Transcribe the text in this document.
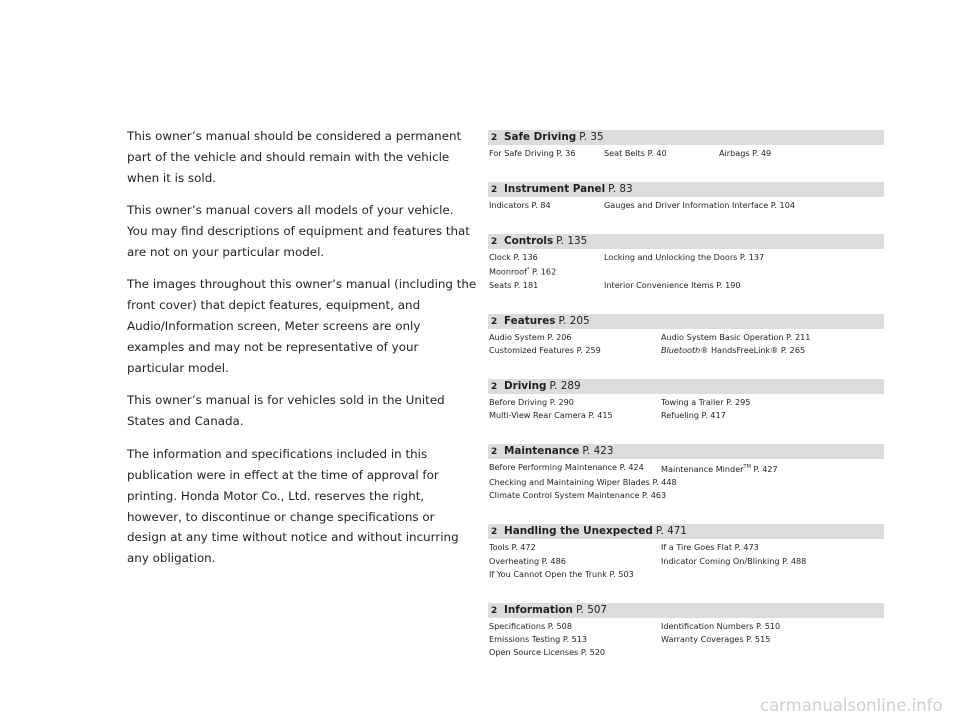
This owner’s manual should be considered a permanent part of the vehicle and should remain with the vehicle when it is sold.

This owner’s manual covers all models of your vehicle. You may find descriptions of equipment and features that are not on your particular model.

The images throughout this owner’s manual (including the front cover) that depict features, equipment, and Audio/Information screen, Meter screens are only examples and may not be representative of your particular model.

This owner’s manual is for vehicles sold in the United States and Canada.

The information and specifications included in this publication were in effect at the time of approval for printing. Honda Motor Co., Ltd. reserves the right, however, to discontinue or change specifications or design at any time without notice and without incurring any obligation.

2 Safe Driving P. 35
For Safe Driving P. 36	Seat Belts P. 40	Airbags P. 49
2 Instrument Panel P. 83
Indicators P. 84	Gauges and Driver Information Interface P. 104
2 Controls P. 135
Clock P. 136	Locking and Unlocking the Doors P. 137
Moonroof* P. 162
Seats P. 181	Interior Convenience Items P. 190
2 Features P. 205
Audio System P. 206	Audio System Basic Operation P. 211
Customized Features P. 259	Bluetooth® HandsFreeLink® P. 265
2 Driving P. 289
Before Driving P. 290	Towing a Trailer P. 295
Multi-View Rear Camera P. 415	Refueling P. 417
2 Maintenance P. 423
Before Performing Maintenance P. 424	Maintenance Minder™ P. 427
Checking and Maintaining Wiper Blades P. 448
Climate Control System Maintenance P. 463
2 Handling the Unexpected P. 471
Tools P. 472	If a Tire Goes Flat P. 473
Overheating P. 486	Indicator Coming On/Blinking P. 488
If You Cannot Open the Trunk P. 503
2 Information P. 507
Specifications P. 508	Identification Numbers P. 510
Emissions Testing P. 513	Warranty Coverages P. 515
Open Source Licenses P. 520
carmanualsonline.info
